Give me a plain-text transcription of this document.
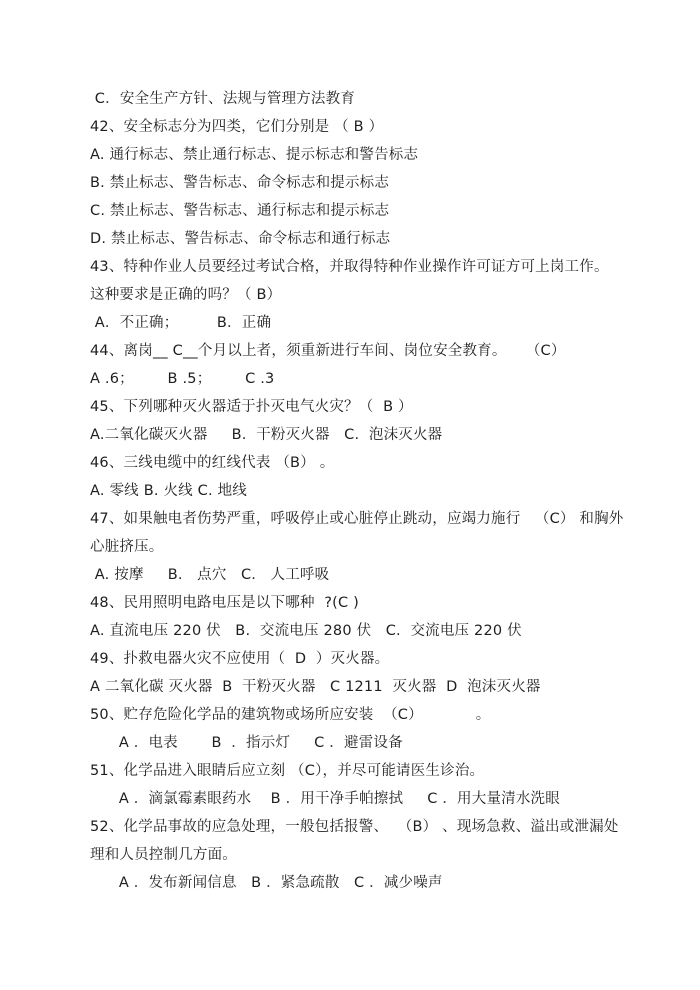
C．安全生产方针、法规与管理方法教育
42、安全标志分为四类，它们分别是 （ B ）
A. 通行标志、禁止通行标志、提示标志和警告标志
B. 禁止标志、警告标志、命令标志和提示标志
C. 禁止标志、警告标志、通行标志和提示标志
D. 禁止标志、警告标志、命令标志和通行标志
43、特种作业人员要经过考试合格，并取得特种作业操作许可证方可上岗工作。
这种要求是正确的吗？（ B）
A．不正确；        B．正确
44、离岗__ C__个月以上者，须重新进行车间、岗位安全教育。    （C）
A .6；       B .5；       C .3
45、下列哪种灭火器适于扑灭电气火灾？（  B ）
A.二氧化碳灭火器     B.  干粉灭火器   C.  泡沫灭火器
46、三线电缆中的红线代表 （B） 。
A. 零线 B. 火线 C. 地线
47、如果触电者伤势严重，呼吸停止或心脏停止跳动，应竭力施行   （C） 和胸外
心脏挤压。
A. 按摩     B.   点穴   C.   人工呼吸
48、民用照明电路电压是以下哪种  ?(C )
A. 直流电压 220 伏   B.  交流电压 280 伏   C.  交流电压 220 伏
49、扑救电器火灾不应使用（  D  ）灭火器。
A 二氧化碳 灭火器  B  干粉灭火器   C 1211  灭火器  D  泡沫灭火器
50、贮存危险化学品的建筑物或场所应安装  （C）           。
A ．电表       B  ．指示灯     C ．避雷设备
51、化学品进入眼睛后应立刻 （C），并尽可能请医生诊治。
A ．滴氯霉素眼药水    B ．用干净手帕擦拭     C ．用大量清水洗眼
52、化学品事故的应急处理，一般包括报警、  （B） 、现场急救、溢出或泄漏处
理和人员控制几方面。
A ．发布新闻信息   B ．紧急疏散   C ．减少噪声
